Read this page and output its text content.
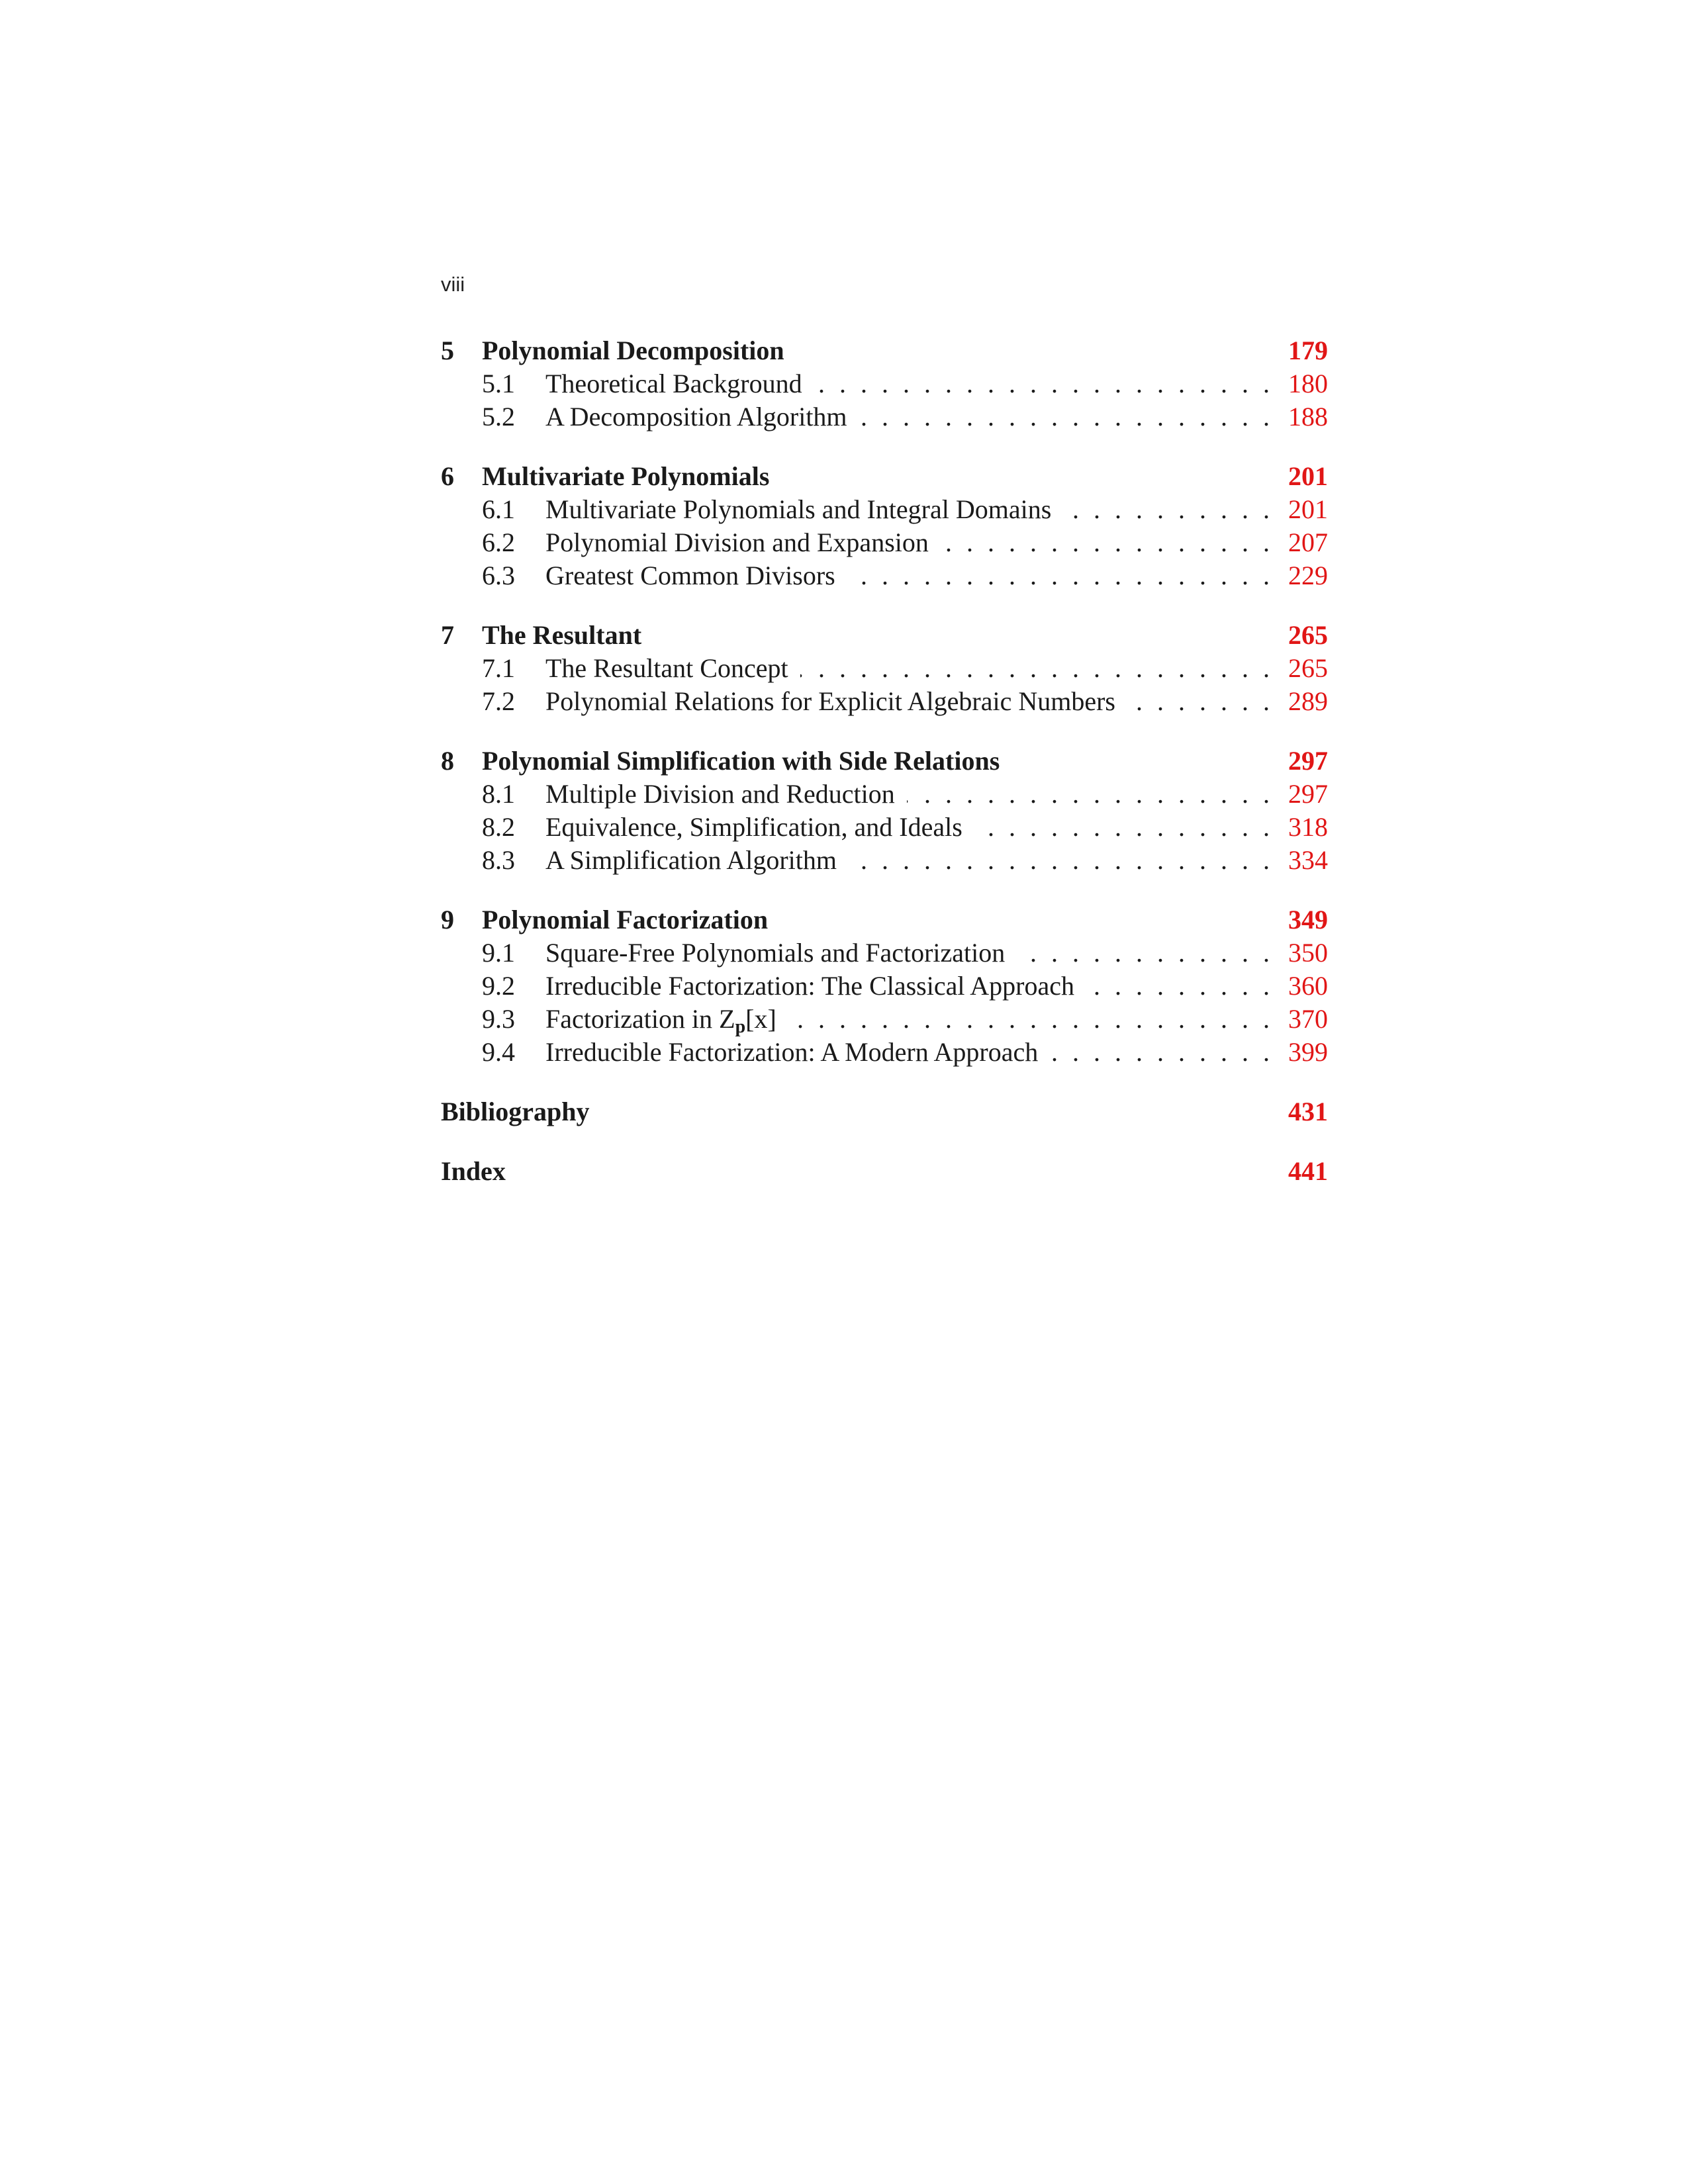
viii
5	Polynomial Decomposition	179
5.1	Theoretical Background . . .	180
5.2	A Decomposition Algorithm . . .	188
6	Multivariate Polynomials	201
6.1	Multivariate Polynomials and Integral Domains . . .	201
6.2	Polynomial Division and Expansion . . .	207
6.3	Greatest Common Divisors . . .	229
7	The Resultant	265
7.1	The Resultant Concept . . .	265
7.2	Polynomial Relations for Explicit Algebraic Numbers . . .	289
8	Polynomial Simplification with Side Relations	297
8.1	Multiple Division and Reduction . . .	297
8.2	Equivalence, Simplification, and Ideals . . .	318
8.3	A Simplification Algorithm . . .	334
9	Polynomial Factorization	349
9.1	Square-Free Polynomials and Factorization . . .	350
9.2	Irreducible Factorization: The Classical Approach . . .	360
9.3	Factorization in $Z_p[x]$ . . .	370
9.4	Irreducible Factorization: A Modern Approach . . .	399
Bibliography	431
Index	441
